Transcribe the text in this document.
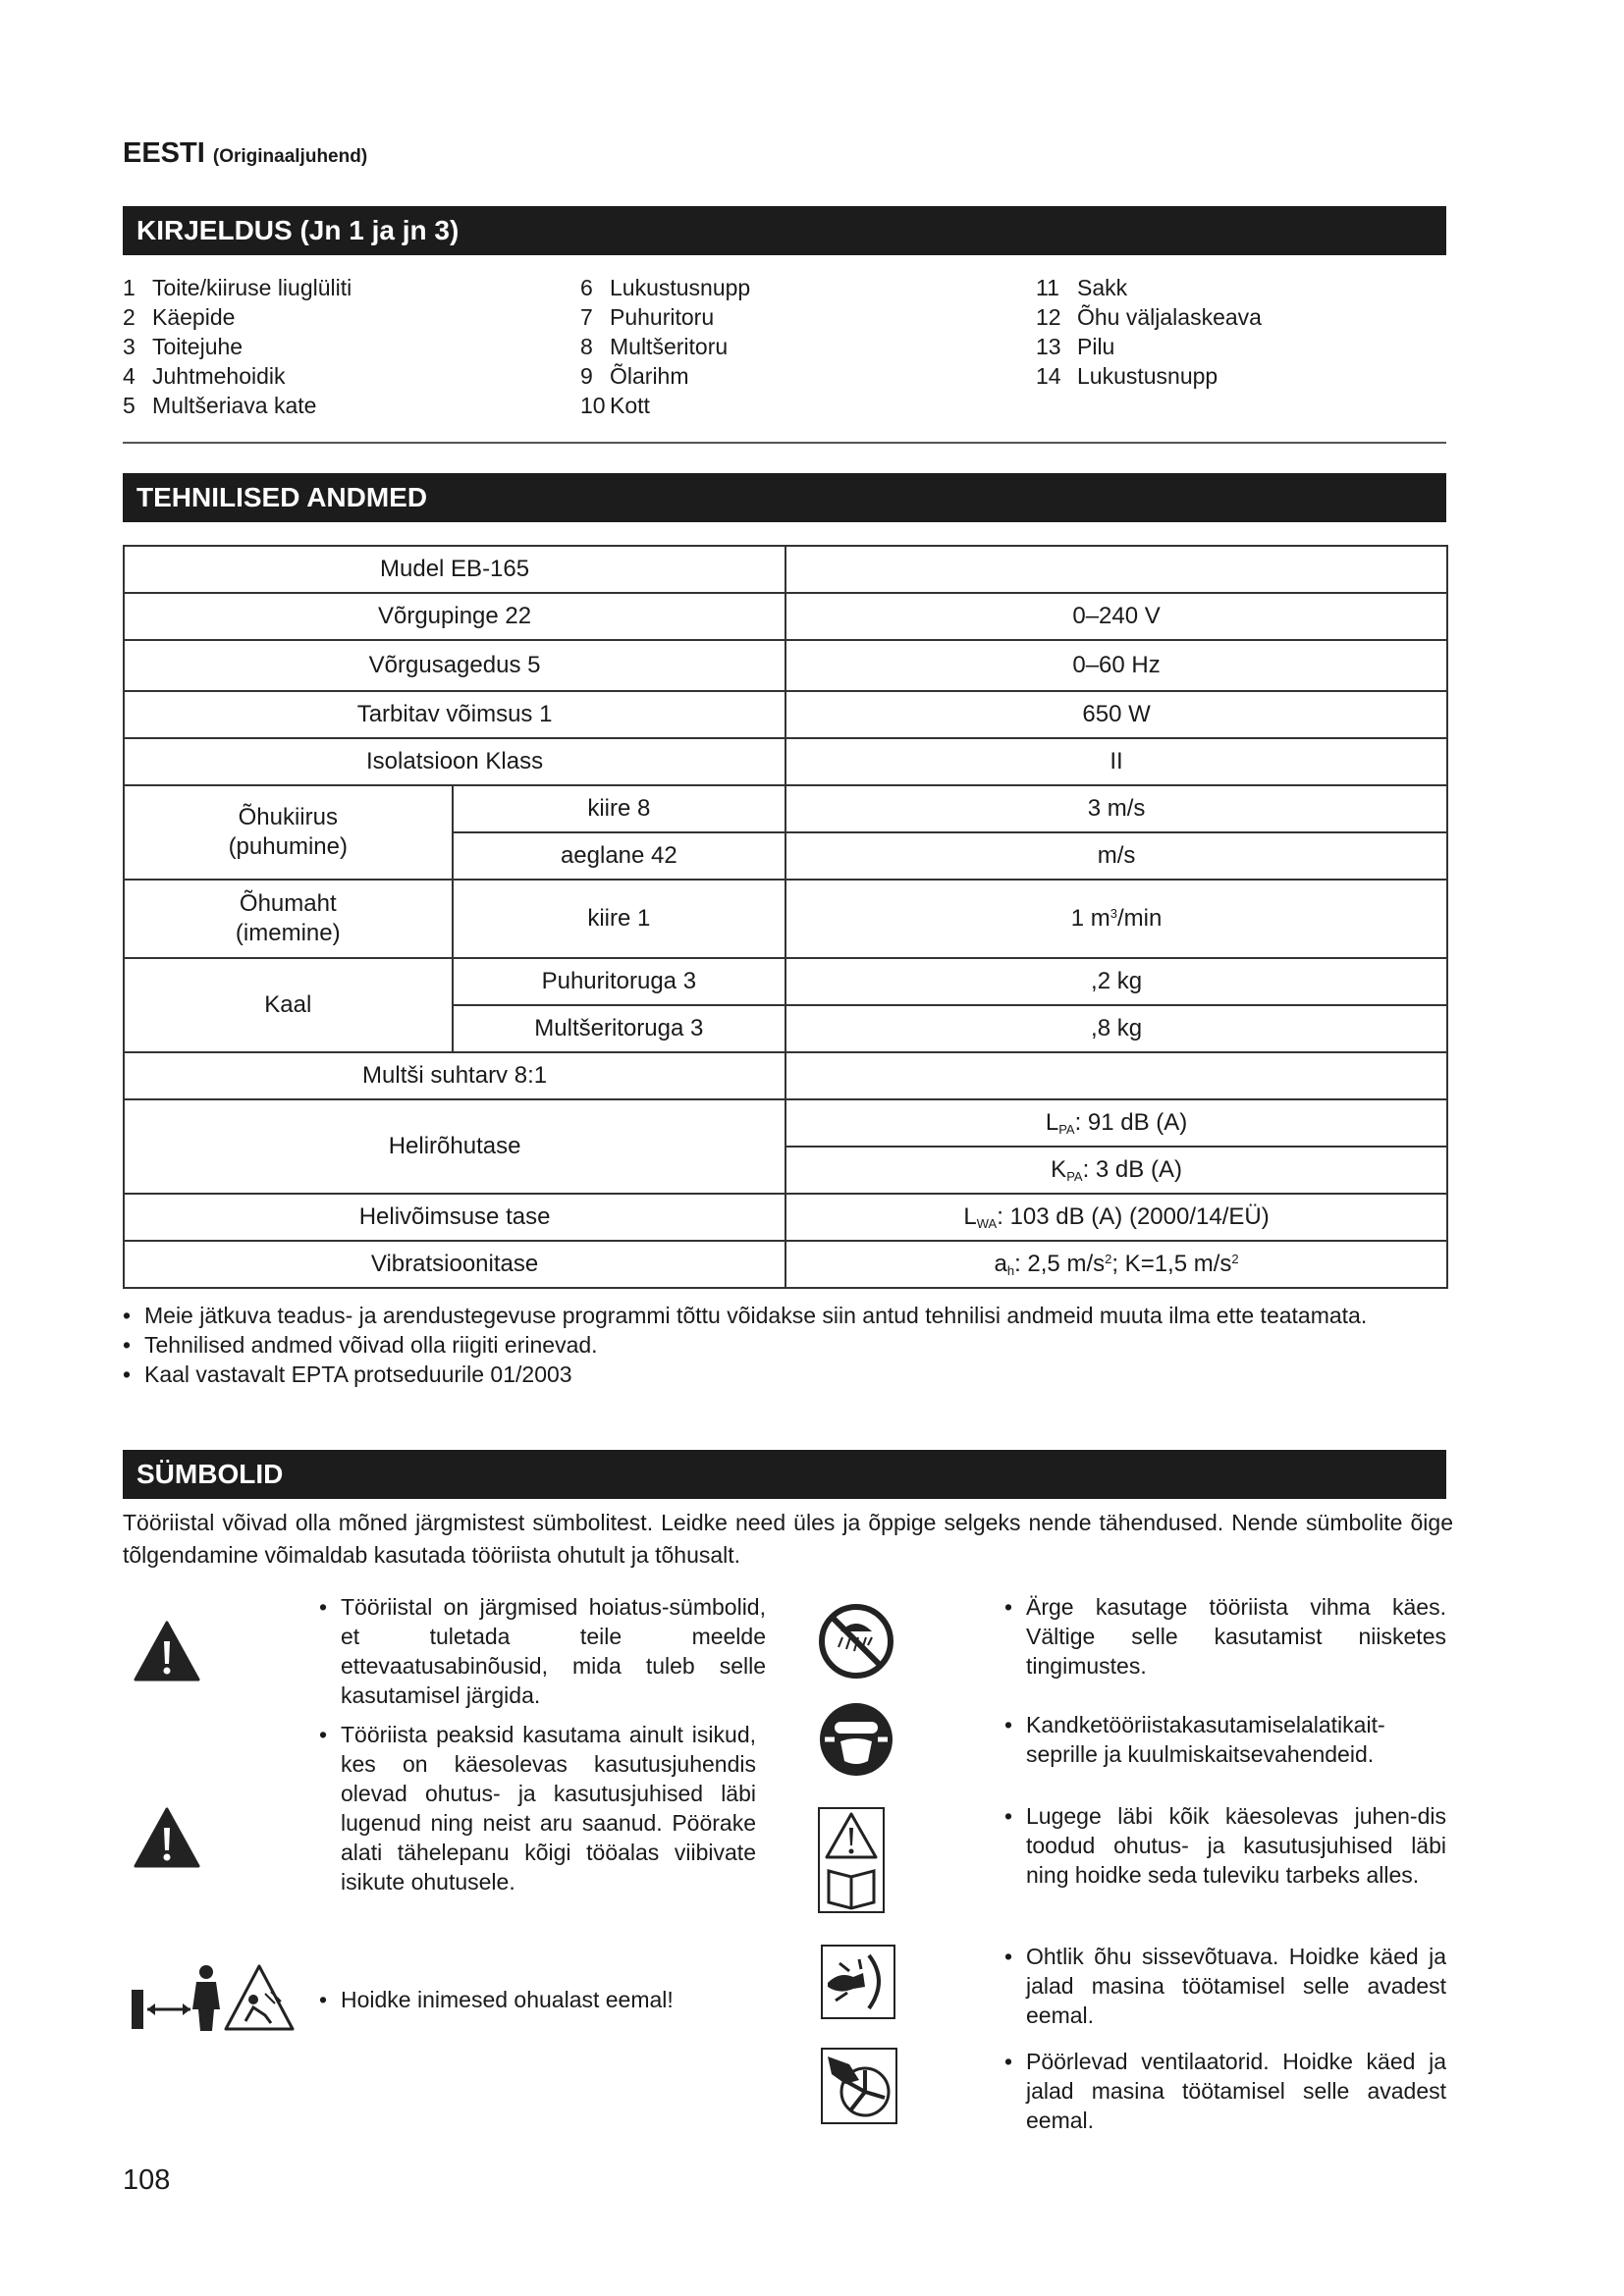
EESTI (Originaaljuhend)
KIRJELDUS (Jn 1 ja jn 3)
1 Toite/kiiruse liuglüliti
2 Käepide
3 Toitejuhe
4 Juhtmehoidik
5 Multšeriava kate
6 Lukustusnupp
7 Puhuritoru
8 Multšeritoru
9 Õlarihm
10 Kott
11 Sakk
12 Õhu väljalaskeava
13 Pilu
14 Lukustusnupp
TEHNILISED ANDMED
Mudel EB-165		
Võrgupinge 22		0–240 V
Võrgusagedus 5		0–60 Hz
Tarbitav võimsus 1		650 W
Isolatsioon Klass		II

Õhukiirus
(puhumine)	kiire 8	3 m/s
	aeglane 42	m/s

Õhumaht
(imemine)	kiire 1	1 $m^3/\min$
Kaal	Puhuritoruga 3	,2 kg
	Multšeritoruga 3	,8 kg
Multši suhtarv 8:1		
Helirõhutase		$L_{PA}$: 91 dB (A)
		$K_{PA}$: 3 dB (A)
Helivõimsuse tase		$L_{WA}$: 103 dB (A) (2000/14/EÜ)
Vibratsioonitase		$a_h$: 2,5 $m/s^2$; K=1,5 $m/s^2$
• Meie jätkuva teadus- ja arendustegevuse programmi tõttu võidakse siin antud tehnilisi andmeid muuta ilma ette teatamata.
• Tehnilised andmed võivad olla riigiti erinevad.
• Kaal vastavalt EPTA protseduurile 01/2003
SÜMBOLID
Tööriistal võivad olla mõned järgmistest sümbolitest. Leidke need üles ja õppige selgeks nende tähendused. Nende sümbolite õige tõlgendamine võimaldab kasutada tööriista ohutult ja tõhusalt.
• Tööriistal on järgmised hoiatus-sümbolid, et tuletada teile meelde ettevaatusabinõusid, mida tuleb selle kasutamisel järgida.
• Tööriista peaksid kasutama ainult isikud, kes on käesolevas kasutusjuhendis olevad ohutus- ja kasutusjuhised läbi lugenud ning neist aru saanud. Pöörake alati tähelepanu kõigi tööalas viibivate isikute ohutusele.
• Hoidke inimesed ohualast eemal!
• Ärge kasutage tööriista vihma käes. Vältige selle kasutamist niisketes tingimustes.
• Kandketööriistakasutamiselalatikait-seprille ja kuulmiskaitsevahendeid.
• Lugege läbi kõik käesolevas juhen-dis toodud ohutus- ja kasutusjuhised läbi ning hoidke seda tuleviku tarbeks alles.
• Ohtlik õhu sissevõtuava. Hoidke käed ja jalad masina töötamisel selle avadest eemal.
• Pöörlevad ventilaatorid. Hoidke käed ja jalad masina töötamisel selle avadest eemal.
108
